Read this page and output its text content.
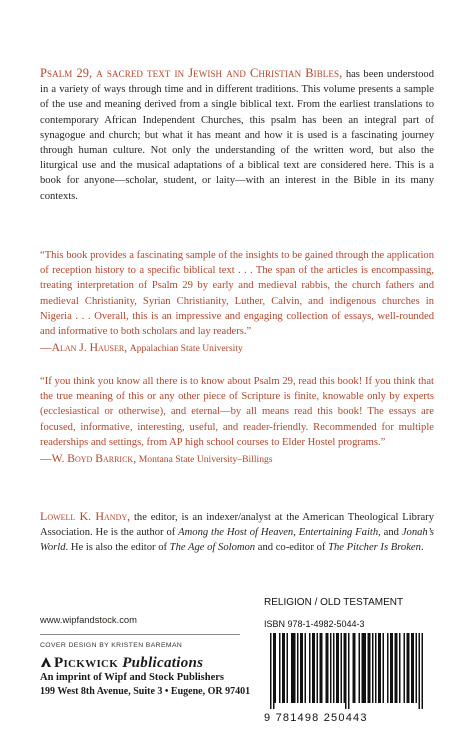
Psalm 29, a sacred text in Jewish and Christian Bibles, has been understood in a variety of ways through time and in different traditions. This volume presents a sample of the use and meaning derived from a single biblical text. From the earliest translations to contemporary African Independent Churches, this psalm has been an integral part of synagogue and church; but what it has meant and how it is used is a fascinating journey through human culture. Not only the understanding of the written word, but also the liturgical use and the musical adaptations of a biblical text are considered here. This is a book for anyone—scholar, student, or laity—with an interest in the Bible in its many contexts.

“This book provides a fascinating sample of the insights to be gained through the application of reception history to a specific biblical text . . . The span of the articles is encompassing, treating interpretation of Psalm 29 by early and medieval rabbis, the church fathers and medieval Christianity, Syrian Christianity, Luther, Calvin, and indigenous churches in Nigeria . . . Overall, this is an impressive and engaging collection of essays, well-rounded and informative to both scholars and lay readers.”
—Alan J. Hauser, Appalachian State University
“If you think you know all there is to know about Psalm 29, read this book! If you think that the true meaning of this or any other piece of Scripture is finite, knowable only by experts (ecclesiastical or otherwise), and eternal—by all means read this book! The essays are focused, informative, interesting, useful, and reader-friendly. Recommended for multiple readerships and settings, from AP high school courses to Elder Hostel programs.”
—W. Boyd Barrick, Montana State University–Billings

Lowell K. Handy, the editor, is an indexer/analyst at the American Theological Library Association. He is the author of Among the Host of Heaven, Entertaining Faith, and Jonah’s World. He is also the editor of The Age of Solomon and co-editor of The Pitcher Is Broken.

RELIGION / OLD TESTAMENT
www.wipfandstock.com	ISBN 978-1-4982-5044-3
COVER DESIGN BY KRISTEN BAREMAN
Pickwick Publications
An imprint of Wipf and Stock Publishers
199 West 8th Avenue, Suite 3 • Eugene, OR 97401
9 781498 250443
